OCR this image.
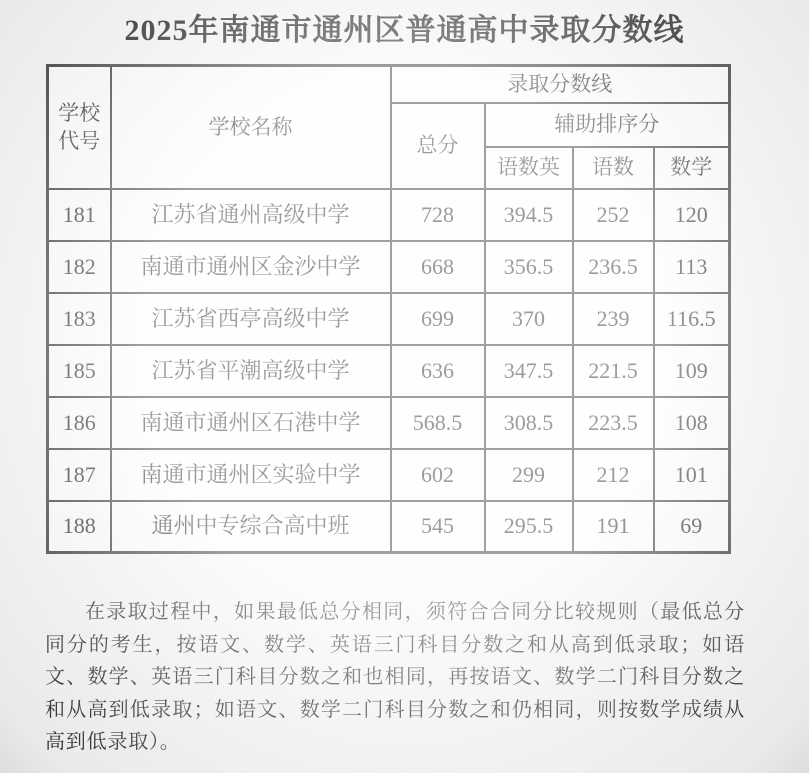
2025年南通市通州区普通高中录取分数线
学校代号	学校名称	录取分数线			
		总分	辅助排序分		
			语数英	语数	数学
181	江苏省通州高级中学	728	394.5	252	120
182	南通市通州区金沙中学	668	356.5	236.5	113
183	江苏省西亭高级中学	699	370	239	116.5
185	江苏省平潮高级中学	636	347.5	221.5	109
186	南通市通州区石港中学	568.5	308.5	223.5	108
187	南通市通州区实验中学	602	299	212	101
188	通州中专综合高中班	545	295.5	191	69

在录取过程中，如果最低总分相同，须符合合同分比较规则（最低总分同分的考生，按语文、数学、英语三门科目分数之和从高到低录取；如语文、数学、英语三门科目分数之和也相同，再按语文、数学二门科目分数之和从高到低录取；如语文、数学二门科目分数之和仍相同，则按数学成绩从高到低录取）。
